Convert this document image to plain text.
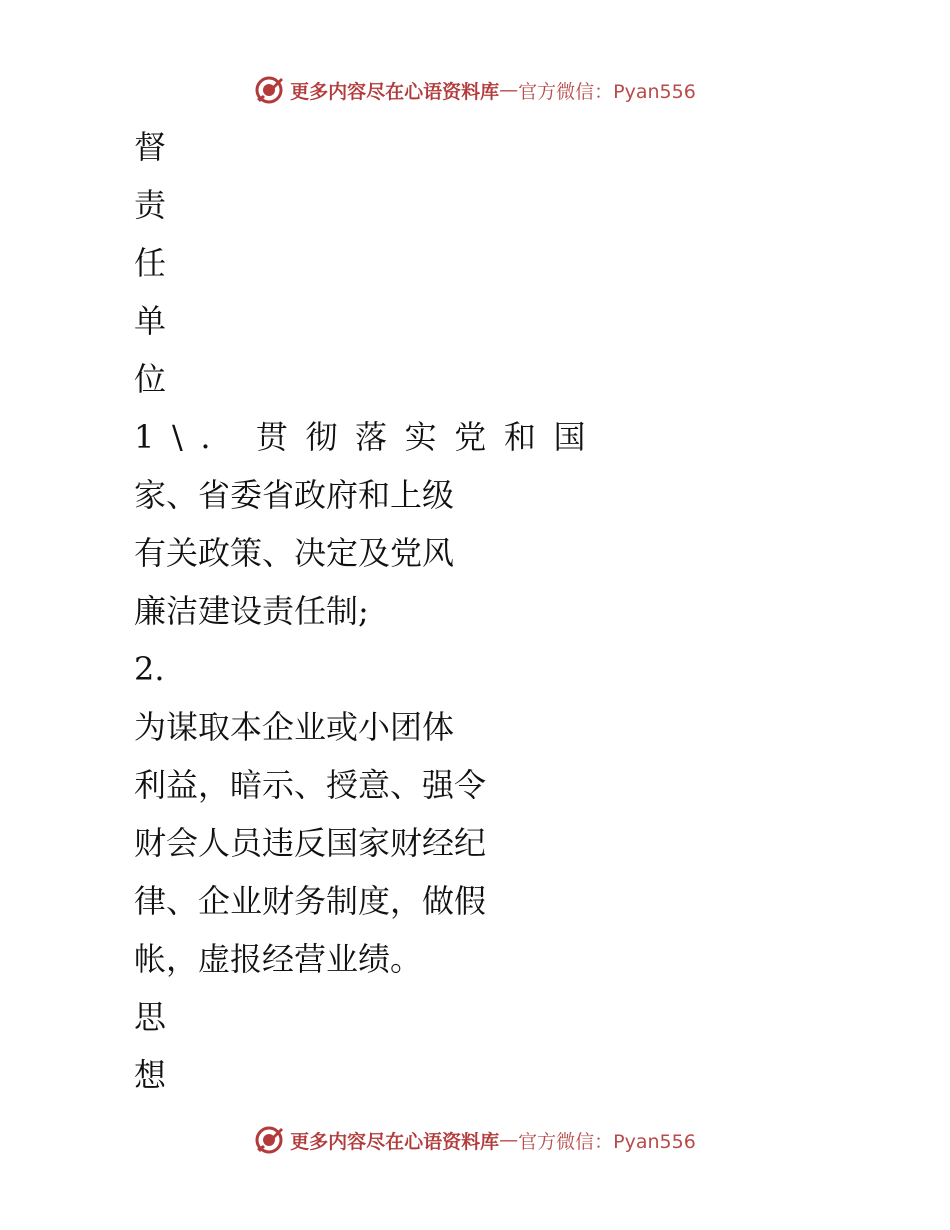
更多内容尽在心语资料库 — 官方微信：Pyan556
督
责
任
单
位
1\. 贯彻落实党和国
家、省委省政府和上级
有关政策、决定及党风
廉洁建设责任制;
2.
为谋取本企业或小团体
利益，暗示、授意、强令
财会人员违反国家财经纪
律、企业财务制度，做假
帐，虚报经营业绩。
思
想
更多内容尽在心语资料库 — 官方微信：Pyan556
